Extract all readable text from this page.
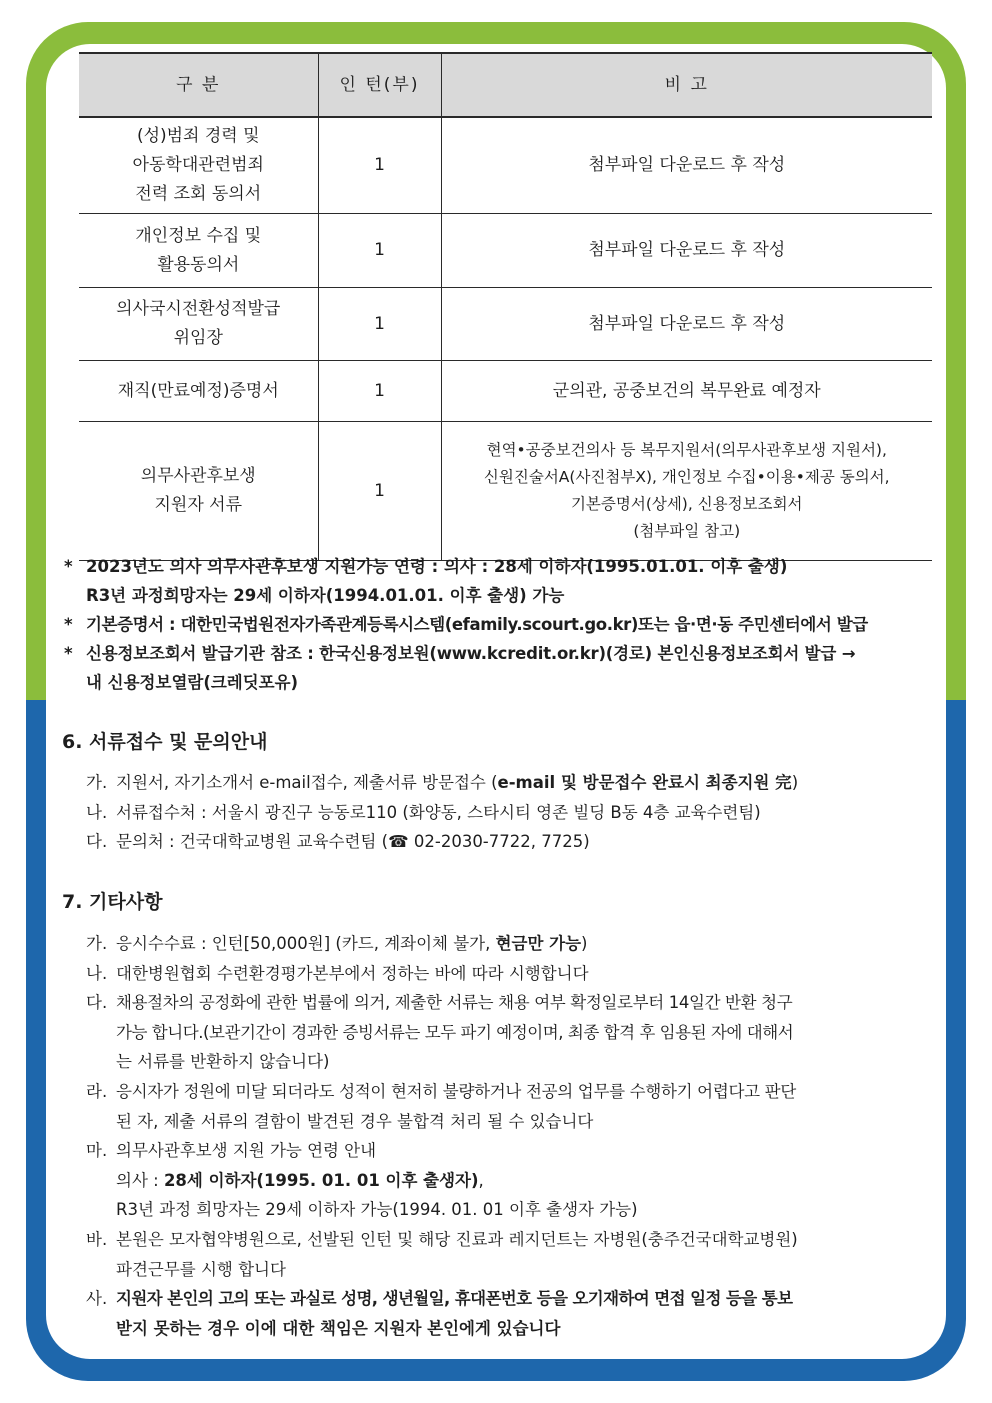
구 분	인 턴(부)	비 고

(성)범죄 경력 및
아동학대관련범죄
전력 조회 동의서	1	첨부파일 다운로드 후 작성

개인정보 수집 및
활용동의서	1	첨부파일 다운로드 후 작성

의사국시전환성적발급
위임장	1	첨부파일 다운로드 후 작성

재직(만료예정)증명서	1	군의관, 공중보건의 복무완료 예정자

의무사관후보생
지원자 서류	1	현역•공중보건의사 등 복무지원서(의무사관후보생 지원서),
신원진술서A(사진첨부X), 개인정보 수집•이용•제공 동의서,
기본증명서(상세), 신용정보조회서
(첨부파일 참고)
* 2023년도 의사 의무사관후보생 지원가능 연령 : 의사 : 28세 이하자(1995.01.01. 이후 출생)
R3년 과정희망자는 29세 이하자(1994.01.01. 이후 출생) 가능
* 기본증명서 : 대한민국법원전자가족관계등록시스템(efamily.scourt.go.kr)또는 읍·면·동 주민센터에서 발급
* 신용정보조회서 발급기관 참조 : 한국신용정보원(www.kcredit.or.kr)(경로) 본인신용정보조회서 발급 →
내 신용정보열람(크레딧포유)
6. 서류접수 및 문의안내
가. 지원서, 자기소개서 e-mail접수, 제출서류 방문접수 (e-mail 및 방문접수 완료시 최종지원 完)
나. 서류접수처 : 서울시 광진구 능동로110 (화양동, 스타시티 영존 빌딩 B동 4층 교육수련팀)
다. 문의처 : 건국대학교병원 교육수련팀 (☎ 02-2030-7722, 7725)
7. 기타사항
가. 응시수수료 : 인턴[50,000원] (카드, 계좌이체 불가, 현금만 가능)
나. 대한병원협회 수련환경평가본부에서 정하는 바에 따라 시행합니다
다. 채용절차의 공정화에 관한 법률에 의거, 제출한 서류는 채용 여부 확정일로부터 14일간 반환 청구
가능 합니다.(보관기간이 경과한 증빙서류는 모두 파기 예정이며, 최종 합격 후 임용된 자에 대해서
는 서류를 반환하지 않습니다)
라. 응시자가 정원에 미달 되더라도 성적이 현저히 불량하거나 전공의 업무를 수행하기 어렵다고 판단
된 자, 제출 서류의 결함이 발견된 경우 불합격 처리 될 수 있습니다
마. 의무사관후보생 지원 가능 연령 안내
의사 : 28세 이하자(1995. 01. 01 이후 출생자),
R3년 과정 희망자는 29세 이하자 가능(1994. 01. 01 이후 출생자 가능)
바. 본원은 모자협약병원으로, 선발된 인턴 및 해당 진료과 레지던트는 자병원(충주건국대학교병원)
파견근무를 시행 합니다
사. 지원자 본인의 고의 또는 과실로 성명, 생년월일, 휴대폰번호 등을 오기재하여 면접 일정 등을 통보
받지 못하는 경우 이에 대한 책임은 지원자 본인에게 있습니다
